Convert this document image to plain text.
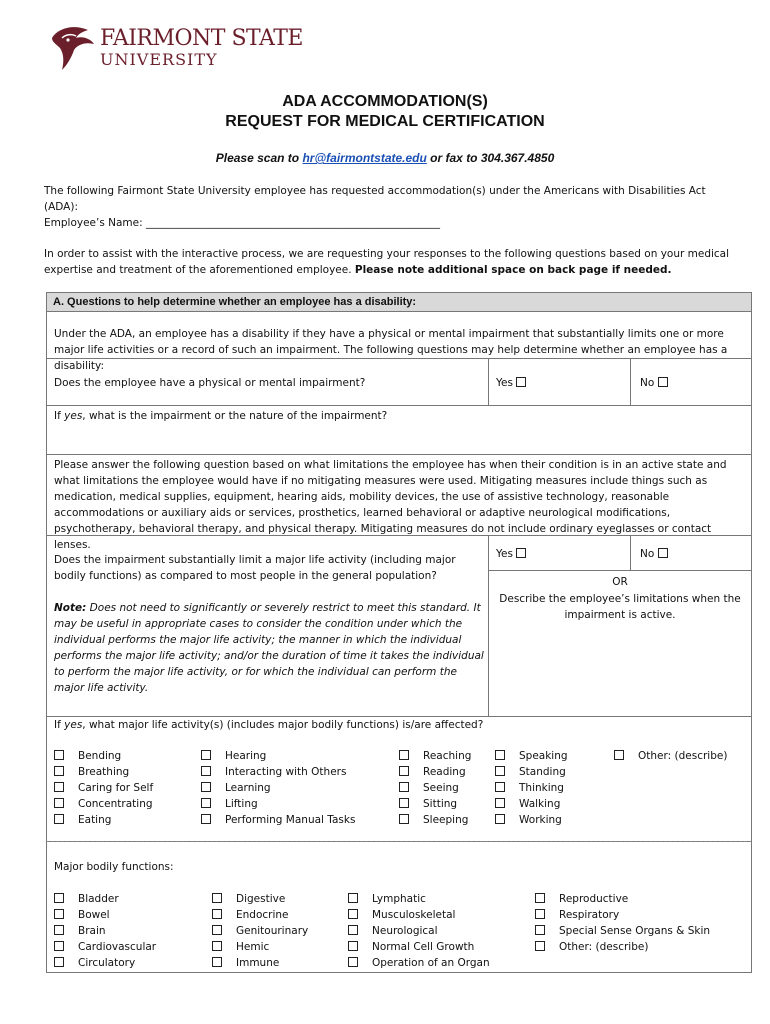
FAIRMONT STATE
UNIVERSITY
ADA ACCOMMODATION(S)
REQUEST FOR MEDICAL CERTIFICATION
Please scan to hr@fairmontstate.edu or fax to 304.367.4850
The following Fairmont State University employee has requested accommodation(s) under the Americans with Disabilities Act (ADA):
Employee’s Name: ________________________________________________________
In order to assist with the interactive process, we are requesting your responses to the following questions based on your medical expertise and treatment of the aforementioned employee. Please note additional space on back page if needed.
A. Questions to help determine whether an employee has a disability:
Under the ADA, an employee has a disability if they have a physical or mental impairment that substantially limits one or more major life activities or a record of such an impairment. The following questions may help determine whether an employee has a disability:
Does the employee have a physical or mental impairment?	Yes	No
If yes, what is the impairment or the nature of the impairment?
Please answer the following question based on what limitations the employee has when their condition is in an active state and what limitations the employee would have if no mitigating measures were used. Mitigating measures include things such as medication, medical supplies, equipment, hearing aids, mobility devices, the use of assistive technology, reasonable accommodations or auxiliary aids or services, prosthetics, learned behavioral or adaptive neurological modifications, psychotherapy, behavioral therapy, and physical therapy. Mitigating measures do not include ordinary eyeglasses or contact lenses.
Does the impairment substantially limit a major life activity (including major bodily functions) as compared to most people in the general population?
Note: Does not need to significantly or severely restrict to meet this standard. It may be useful in appropriate cases to consider the condition under which the individual performs the major life activity; the manner in which the individual performs the major life activity; and/or the duration of time it takes the individual to perform the major life activity, or for which the individual can perform the major life activity.
Yes	No
OR
Describe the employee’s limitations when the impairment is active.
If yes, what major life activity(s) (includes major bodily functions) is/are affected?
Bending
Breathing
Caring for Self
Concentrating
Eating
Hearing
Interacting with Others
Learning
Lifting
Performing Manual Tasks
Reaching
Reading
Seeing
Sitting
Sleeping
Speaking
Standing
Thinking
Walking
Working
Other: (describe)
Major bodily functions:
Bladder
Bowel
Brain
Cardiovascular
Circulatory
Digestive
Endocrine
Genitourinary
Hemic
Immune
Lymphatic
Musculoskeletal
Neurological
Normal Cell Growth
Operation of an Organ
Reproductive
Respiratory
Special Sense Organs & Skin
Other: (describe)
